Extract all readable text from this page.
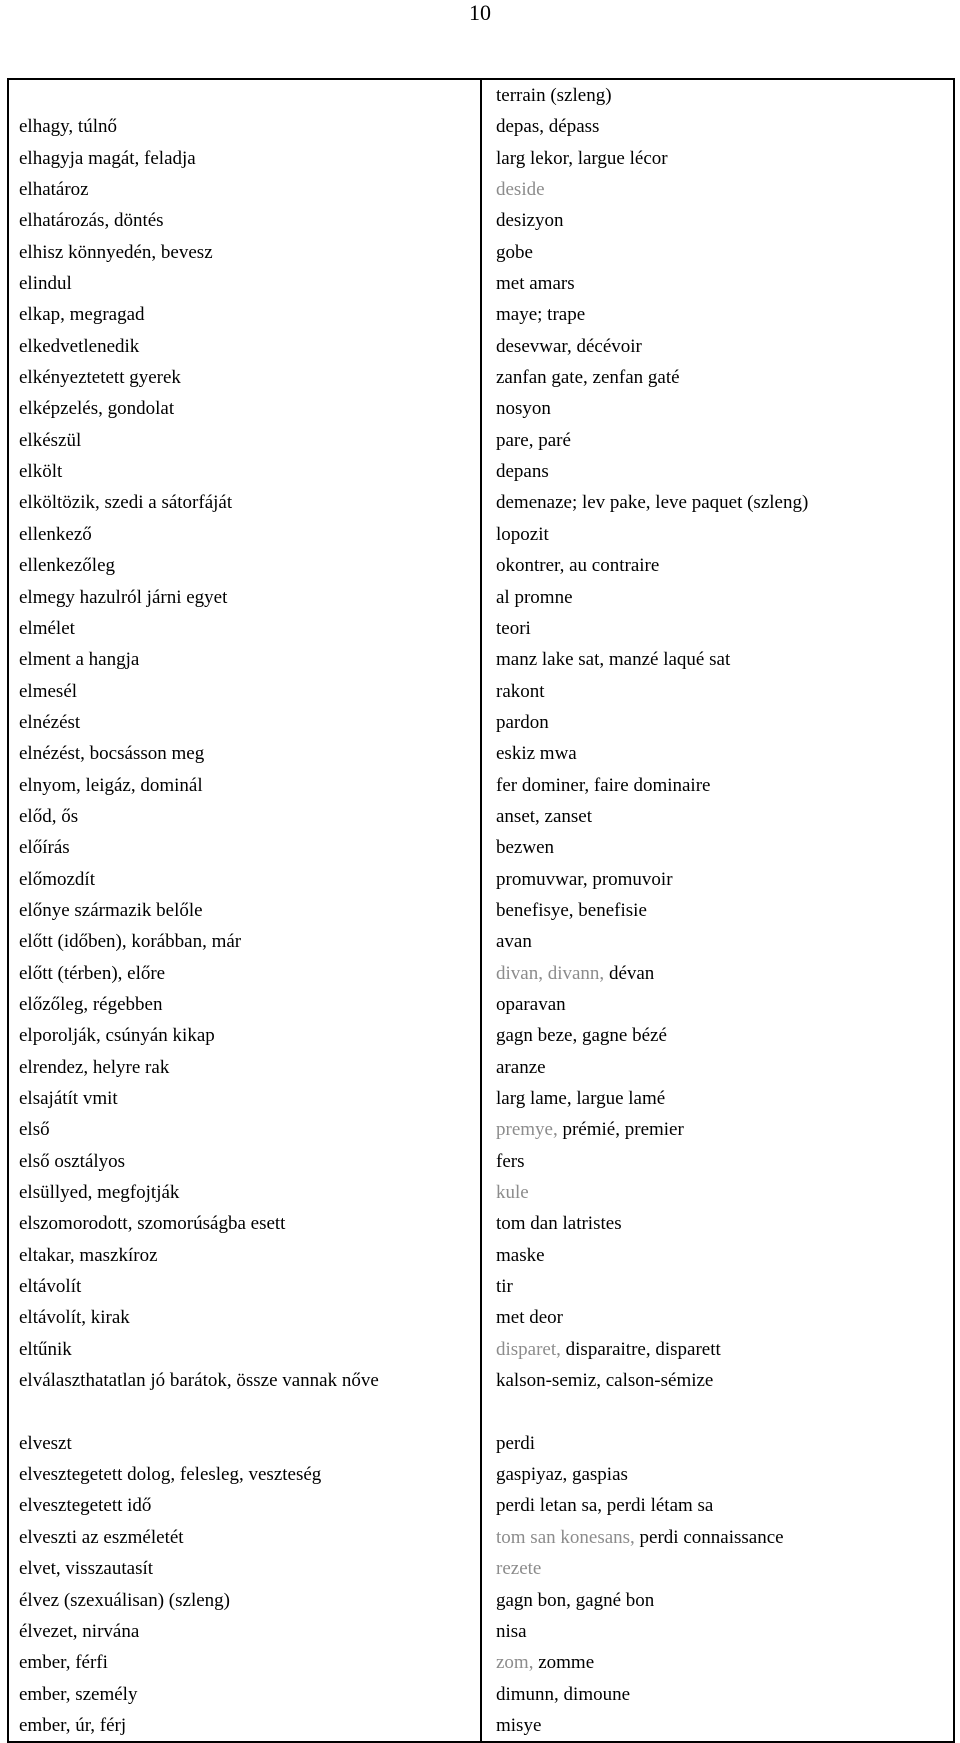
10

elhagy, túlnő
elhagyja magát, feladja
elhatároz
elhatározás, döntés
elhisz könnyedén, bevesz
elindul
elkap, megragad
elkedvetlenedik
elkényeztetett gyerek
elképzelés, gondolat
elkészül
elkölt
elköltözik, szedi a sátorfáját
ellenkező
ellenkezőleg
elmegy hazulról járni egyet
elmélet
elment a hangja
elmesél
elnézést
elnézést, bocsásson meg
elnyom, leigáz, dominál
előd, ős
előírás
előmozdít
előnye származik belőle
előtt (időben), korábban, már
előtt (térben), előre
előzőleg, régebben
elporolják, csúnyán kikap
elrendez, helyre rak
elsajátít vmit
első
első osztályos
elsüllyed, megfojtják
elszomorodott, szomorúságba esett
eltakar, maszkíroz
eltávolít
eltávolít, kirak
eltűnik
elválaszthatatlan jó barátok, össze vannak nőve
elveszt
elvesztegetett dolog, felesleg, veszteség
elvesztegetett idő
elveszti az eszméletét
elvet, visszautasít
élvez (szexuálisan) (szleng)
élvezet, nirvána
ember, férfi
ember, személy
ember, úr, férj
terrain (szleng)
depas, dépass
larg lekor, largue lécor
deside
desizyon
gobe
met amars
maye; trape
desevwar, décévoir
zanfan gate, zenfan gaté
nosyon
pare, paré
depans
demenaze; lev pake, leve paquet (szleng)
lopozit
okontrer, au contraire
al promne
teori
manz lake sat, manzé laqué sat
rakont
pardon
eskiz mwa
fer dominer, faire dominaire
anset, zanset
bezwen
promuvwar, promuvoir
benefisye, benefisie
avan
divan, divann, dévan
oparavan
gagn beze, gagne bézé
aranze
larg lame, largue lamé
premye, prémié, premier
fers
kule
tom dan latristes
maske
tir
met deor
disparet, disparaitre, disparett
kalson-semiz, calson-sémize
perdi
gaspiyaz, gaspias
perdi letan sa, perdi létam sa
tom san konesans, perdi connaissance
rezete
gagn bon, gagné bon
nisa
zom, zomme
dimunn, dimoune
misye
